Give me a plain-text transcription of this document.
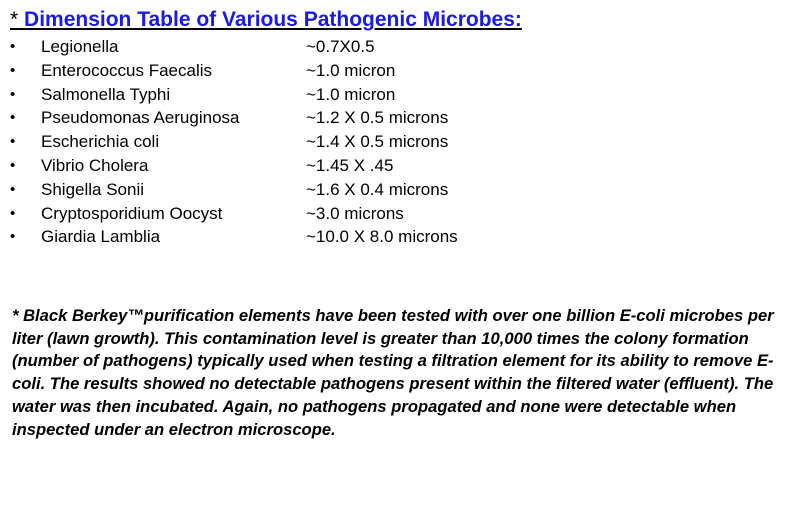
* Dimension Table of Various Pathogenic Microbes:
• Legionella	~0.7X0.5
• Enterococcus Faecalis	~1.0 micron
• Salmonella Typhi	~1.0 micron
• Pseudomonas Aeruginosa	~1.2 X 0.5 microns
• Escherichia coli	~1.4 X 0.5 microns
• Vibrio Cholera	~1.45 X .45
• Shigella Sonii	~1.6 X 0.4 microns
• Cryptosporidium Oocyst	~3.0 microns
• Giardia Lamblia	~10.0 X 8.0 microns

* Black Berkey™purification elements have been tested with over one billion E-coli microbes per liter (lawn growth). This contamination level is greater than 10,000 times the colony formation (number of pathogens) typically used when testing a filtration element for its ability to remove E-coli. The results showed no detectable pathogens present within the filtered water (effluent). The water was then incubated. Again, no pathogens propagated and none were detectable when inspected under an electron microscope.
